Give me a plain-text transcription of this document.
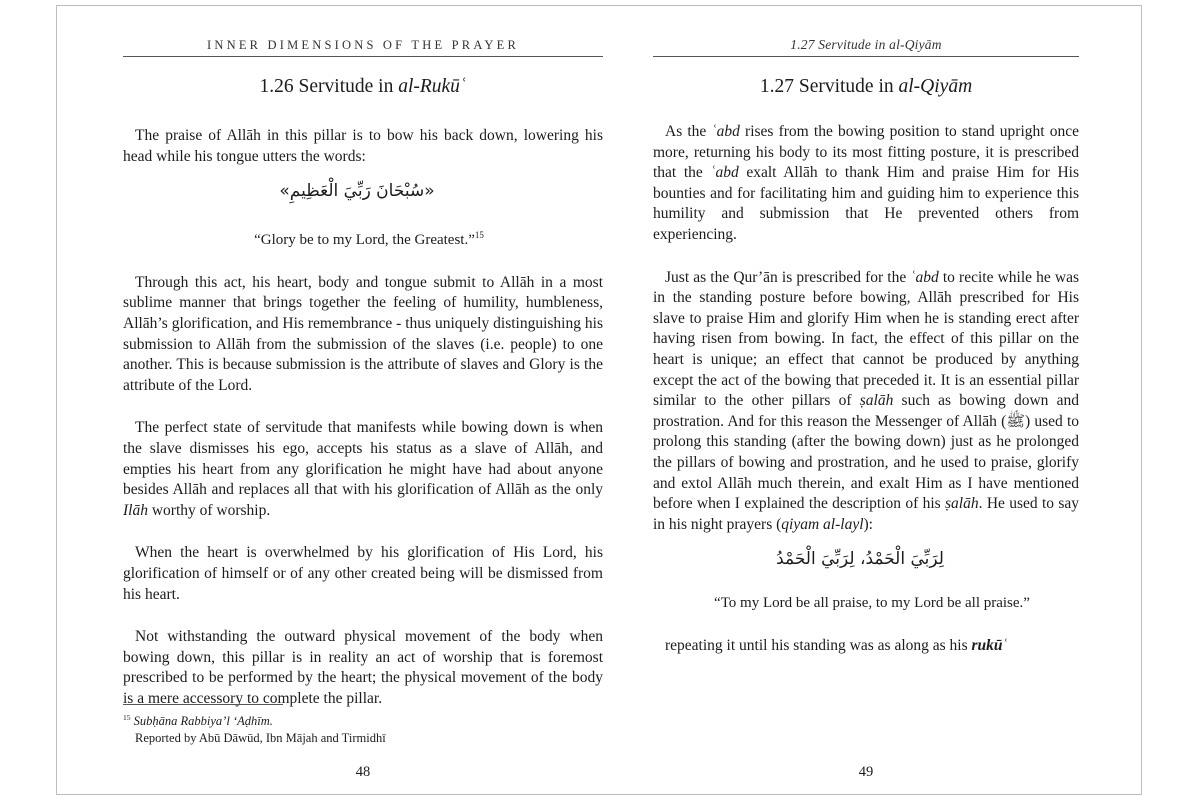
INNER DIMENSIONS OF THE PRAYER
1.26 Servitude in al-Rukūʿ

The praise of Allāh in this pillar is to bow his back down, lowering his head while his tongue utters the words:

«سُبْحَانَ رَبِّيَ الْعَظِيمِ»

“Glory be to my Lord, the Greatest.”$^{15}$

Through this act, his heart, body and tongue submit to Allāh in a most sublime manner that brings together the feeling of humility, humbleness, Allāh’s glorification, and His remembrance - thus uniquely distinguishing his submission to Allāh from the submission of the slaves (i.e. people) to one another. This is because submission is the attribute of slaves and Glory is the attribute of the Lord.

The perfect state of servitude that manifests while bowing down is when the slave dismisses his ego, accepts his status as a slave of Allāh, and empties his heart from any glorification he might have had about anyone besides Allāh and replaces all that with his glorification of Allāh as the only Ilāh worthy of worship.

When the heart is overwhelmed by his glorification of His Lord, his glorification of himself or of any other created being will be dismissed from his heart.

Not withstanding the outward physical movement of the body when bowing down, this pillar is in reality an act of worship that is foremost prescribed to be performed by the heart; the physical movement of the body is a mere accessory to complete the pillar.

$^{15}$ Subḥāna Rabbiya’l ‘Aḍhīm.
Reported by Abū Dāwūd, Ibn Mājah and Tirmidhī
48
1.27 Servitude in al-Qiyām
1.27 Servitude in al-Qiyām

As the ʿabd rises from the bowing position to stand upright once more, returning his body to its most fitting posture, it is prescribed that the ʿabd exalt Allāh to thank Him and praise Him for His bounties and for facilitating him and guiding him to experience this humility and submission that He prevented others from experiencing.

Just as the Qur’ān is prescribed for the ʿabd to recite while he was in the standing posture before bowing, Allāh prescribed for His slave to praise Him and glorify Him when he is standing erect after having risen from bowing. In fact, the effect of this pillar on the heart is unique; an effect that cannot be produced by anything except the act of the bowing that preceded it. It is an essential pillar similar to the other pillars of ṣalāh such as bowing down and prostration. And for this reason the Messenger of Allāh (ﷺ) used to prolong this standing (after the bowing down) just as he prolonged the pillars of bowing and prostration, and he used to praise, glorify and extol Allāh much therein, and exalt Him as I have mentioned before when I explained the description of his ṣalāh. He used to say in his night prayers (qiyam al-layl):

لِرَبِّيَ الْحَمْدُ، لِرَبِّيَ الْحَمْدُ

“To my Lord be all praise, to my Lord be all praise.”

repeating it until his standing was as along as his rukūʿ

49
